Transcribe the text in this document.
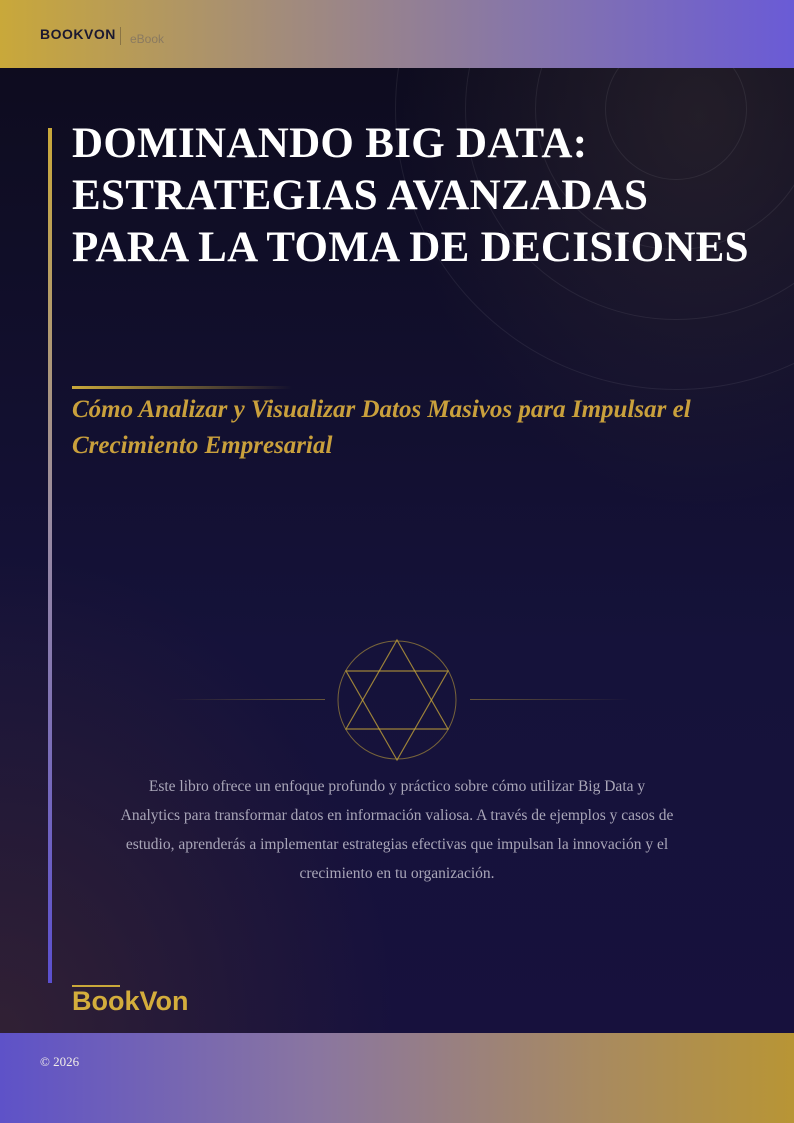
BOOKVON eBook
DOMINANDO BIG DATA: ESTRATEGIAS AVANZADAS PARA LA TOMA DE DECISIONES
Cómo Analizar y Visualizar Datos Masivos para Impulsar el Crecimiento Empresarial

Este libro ofrece un enfoque profundo y práctico sobre cómo utilizar Big Data y Analytics para transformar datos en información valiosa. A través de ejemplos y casos de estudio, aprenderás a implementar estrategias efectivas que impulsan la innovación y el crecimiento en tu organización.

BookVon
© 2026
